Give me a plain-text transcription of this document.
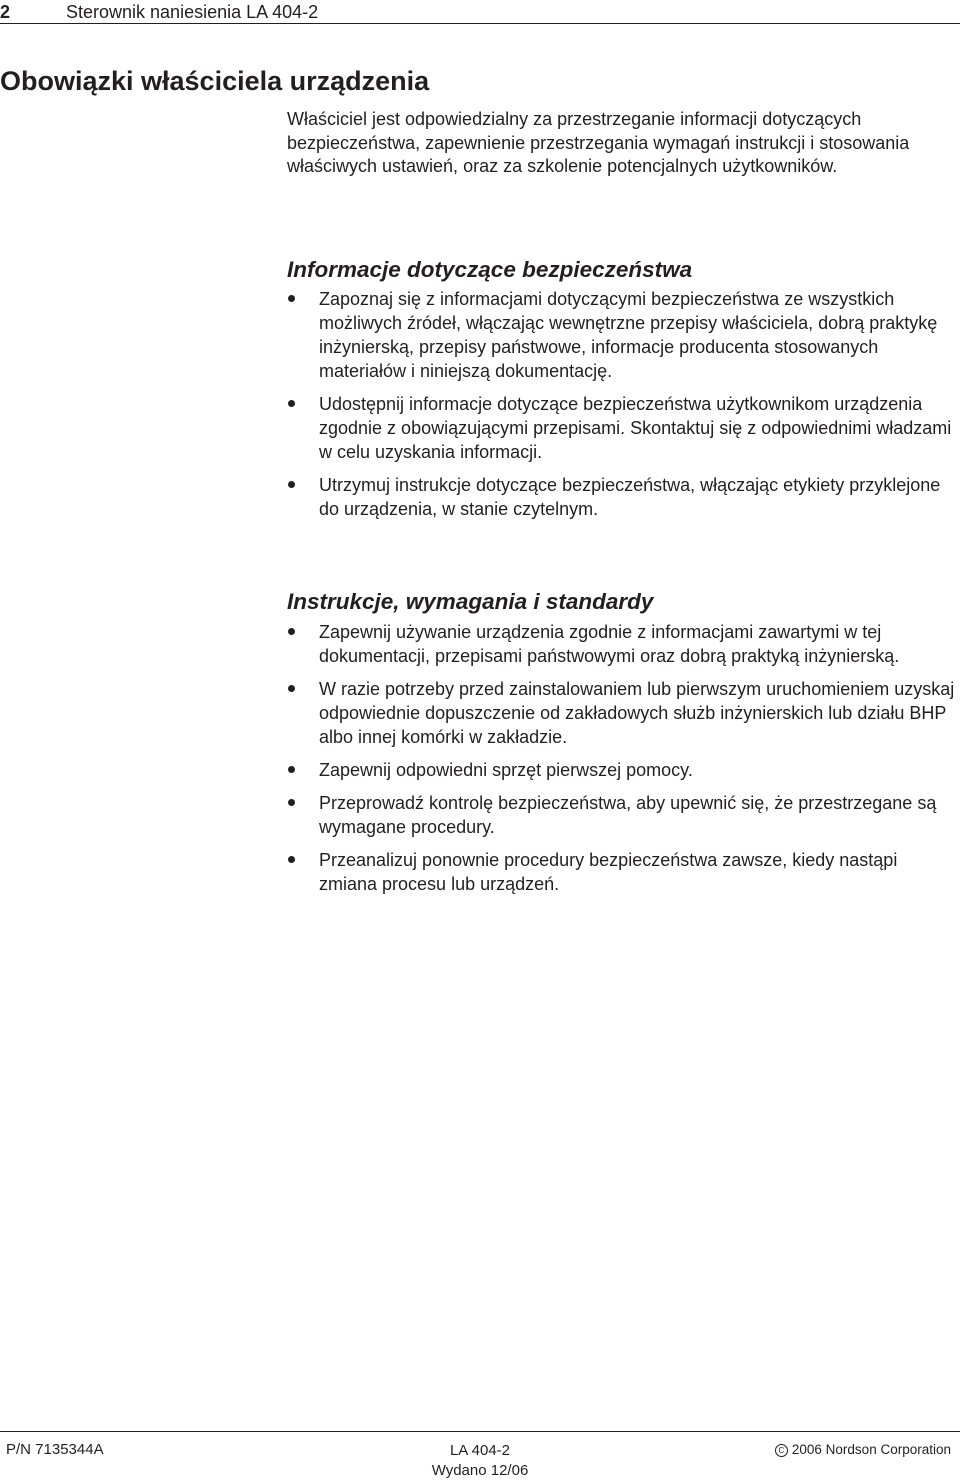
2	Sterownik naniesienia LA 404-2
Obowiązki właściciela urządzenia

Właściciel jest odpowiedzialny za przestrzeganie informacji dotyczących bezpieczeństwa, zapewnienie przestrzegania wymagań instrukcji i stosowania właściwych ustawień, oraz za szkolenie potencjalnych użytkowników.

Informacje dotyczące bezpieczeństwa
Zapoznaj się z informacjami dotyczącymi bezpieczeństwa ze wszystkich możliwych źródeł, włączając wewnętrzne przepisy właściciela, dobrą praktykę inżynierską, przepisy państwowe, informacje producenta stosowanych materiałów i niniejszą dokumentację.
Udostępnij informacje dotyczące bezpieczeństwa użytkownikom urządzenia zgodnie z obowiązującymi przepisami. Skontaktuj się z odpowiednimi władzami w celu uzyskania informacji.
Utrzymuj instrukcje dotyczące bezpieczeństwa, włączając etykiety przyklejone do urządzenia, w stanie czytelnym.
Instrukcje, wymagania i standardy
Zapewnij używanie urządzenia zgodnie z informacjami zawartymi w tej dokumentacji, przepisami państwowymi oraz dobrą praktyką inżynierską.
W razie potrzeby przed zainstalowaniem lub pierwszym uruchomieniem uzyskaj odpowiednie dopuszczenie od zakładowych służb inżynierskich lub działu BHP albo innej komórki w zakładzie.
Zapewnij odpowiedni sprzęt pierwszej pomocy.
Przeprowadź kontrolę bezpieczeństwa, aby upewnić się, że przestrzegane są wymagane procedury.
Przeanalizuj ponownie procedury bezpieczeństwa zawsze, kiedy nastąpi zmiana procesu lub urządzeń.
P/N 7135344A	LA 404-2
Wydano 12/06
C 2006 Nordson Corporation
